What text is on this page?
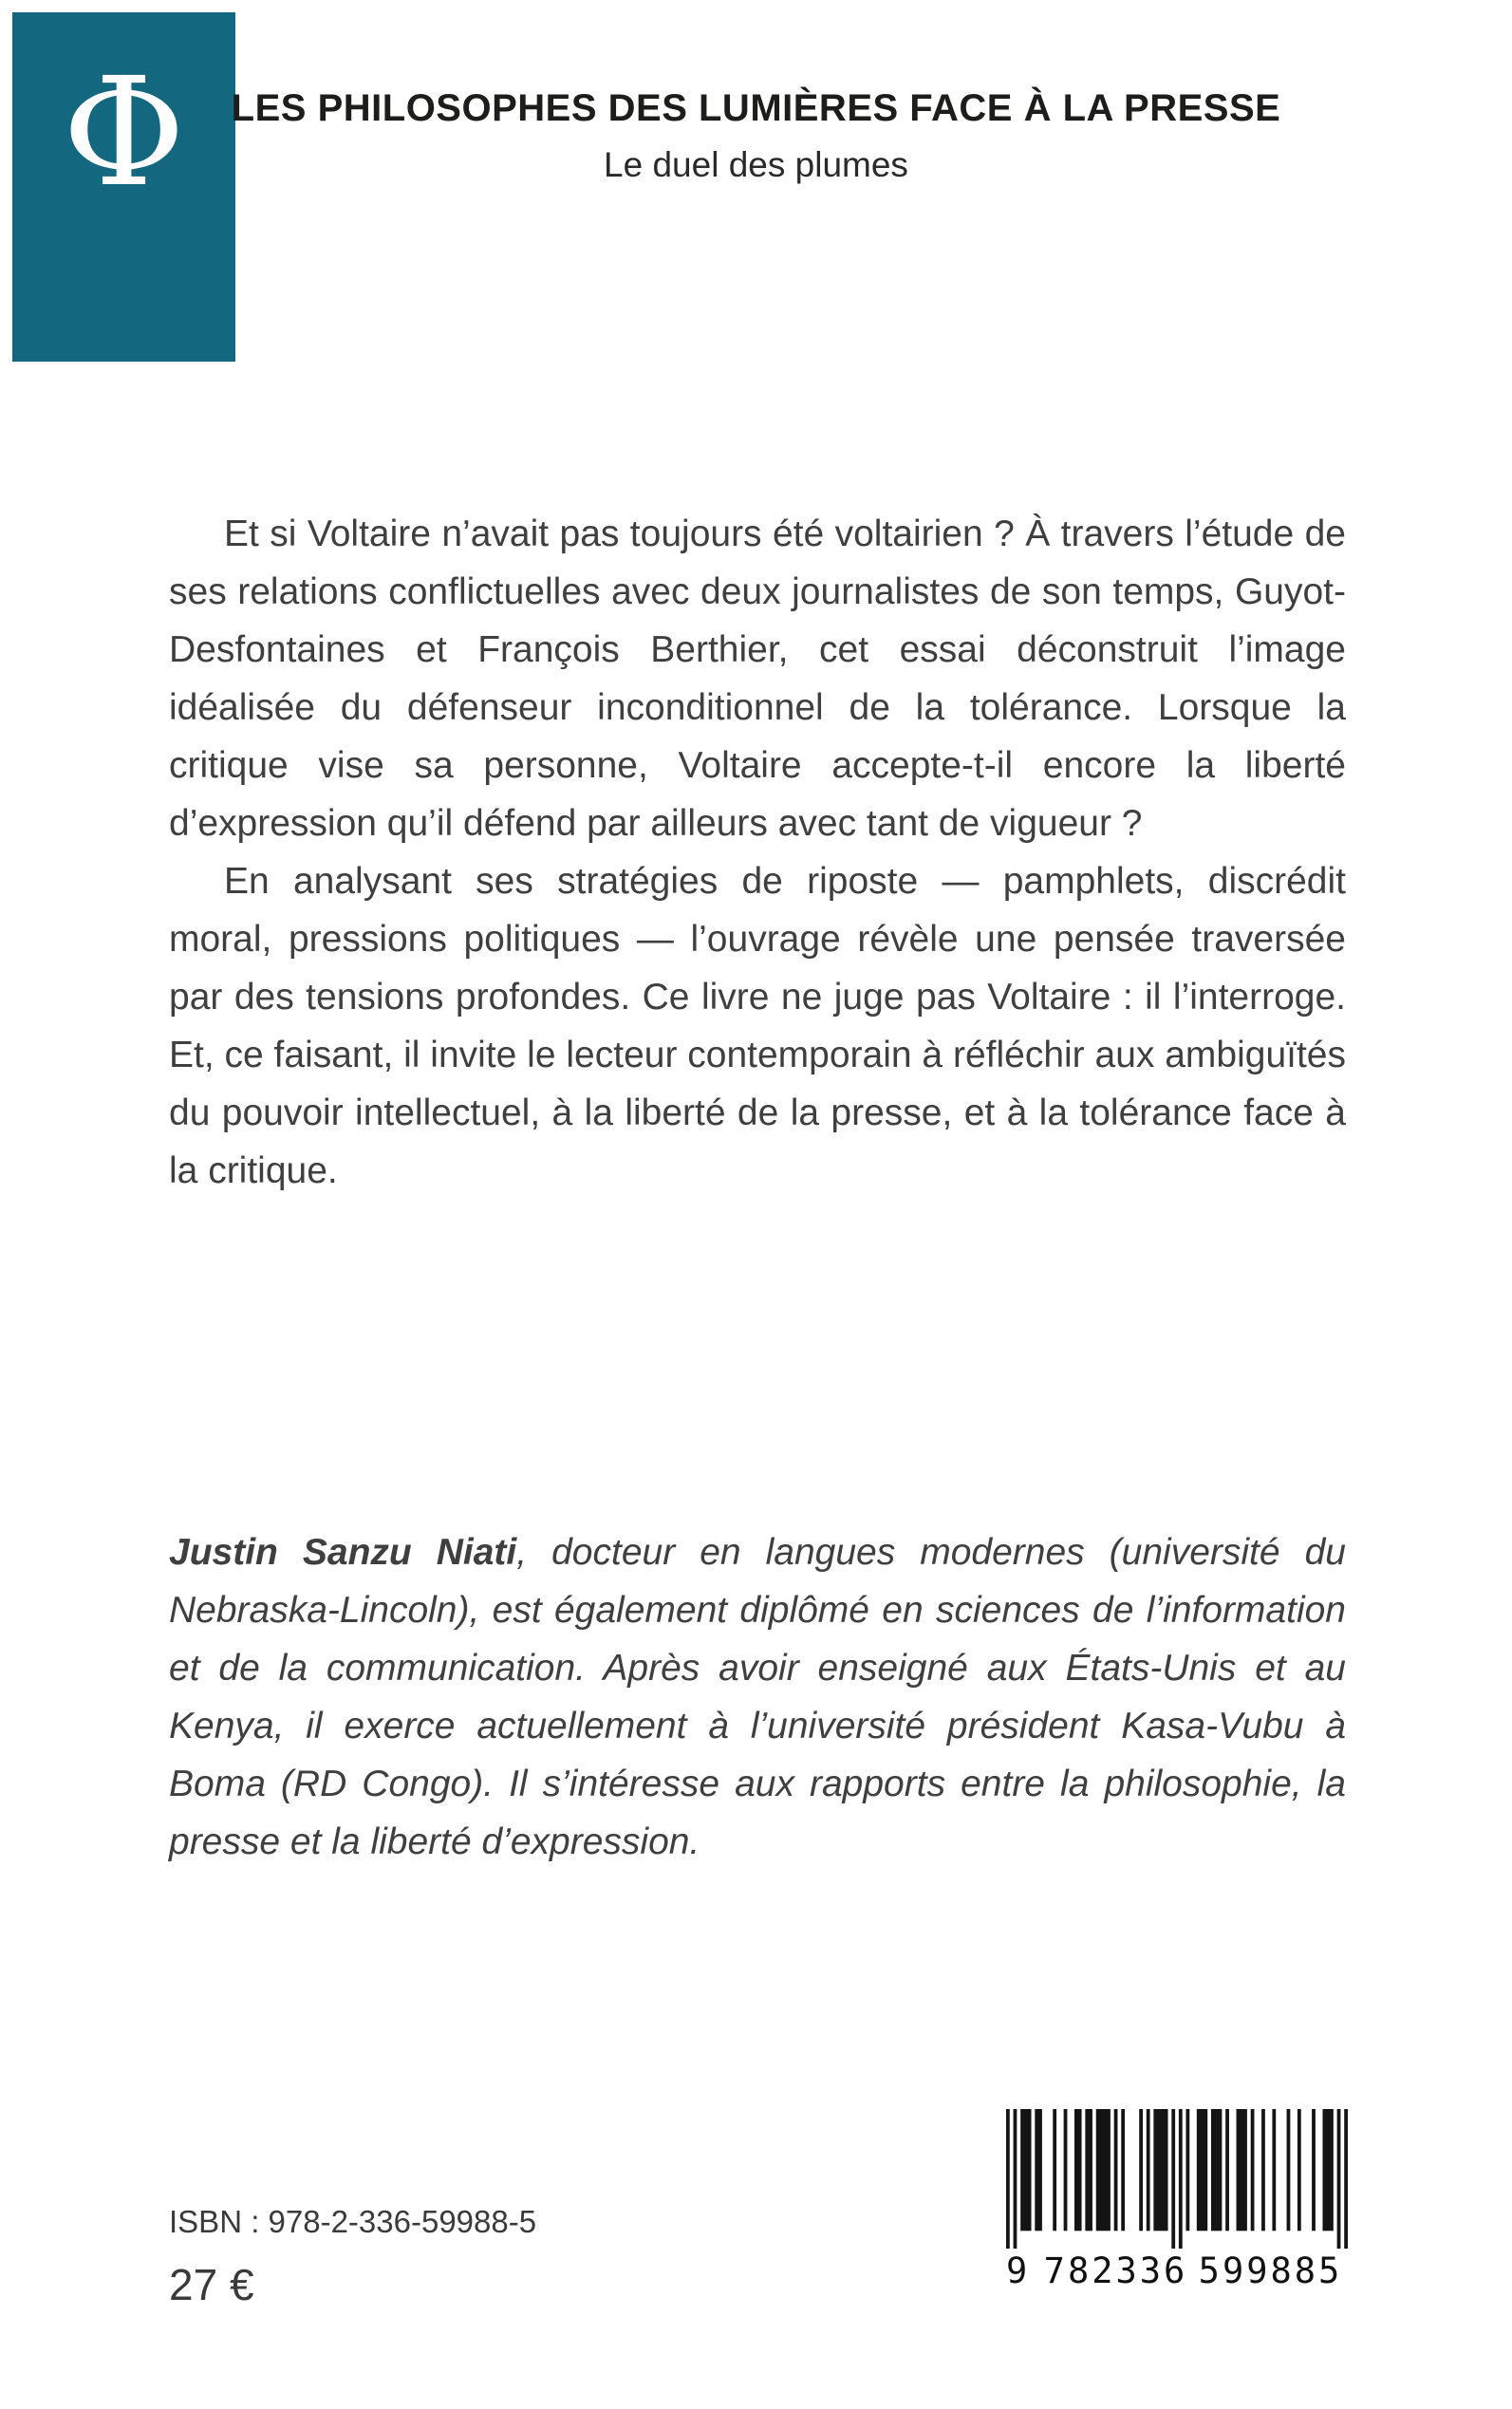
Φ	LES PHILOSOPHES DES LUMIÈRES FACE À LA PRESSE
Le duel des plumes

Et si Voltaire n’avait pas toujours été voltairien ? À travers l’étude de ses relations conflictuelles avec deux journalistes de son temps, Guyot-Desfontaines et François Berthier, cet essai déconstruit l’image idéalisée du défenseur inconditionnel de la tolérance. Lorsque la critique vise sa personne, Voltaire accepte-t-il encore la liberté d’expression qu’il défend par ailleurs avec tant de vigueur ?

En analysant ses stratégies de riposte — pamphlets, discrédit moral, pressions politiques — l’ouvrage révèle une pensée traversée par des tensions profondes. Ce livre ne juge pas Voltaire : il l’interroge. Et, ce faisant, il invite le lecteur contemporain à réfléchir aux ambiguïtés du pouvoir intellectuel, à la liberté de la presse, et à la tolérance face à la critique.

Justin Sanzu Niati, docteur en langues modernes (université du Nebraska-Lincoln), est également diplômé en sciences de l’information et de la communication. Après avoir enseigné aux États-Unis et au Kenya, il exerce actuellement à l’université président Kasa-Vubu à Boma (RD Congo). Il s’intéresse aux rapports entre la philosophie, la presse et la liberté d’expression.

ISBN : 978-2-336-59988-5
27 €	9 782336 599885
